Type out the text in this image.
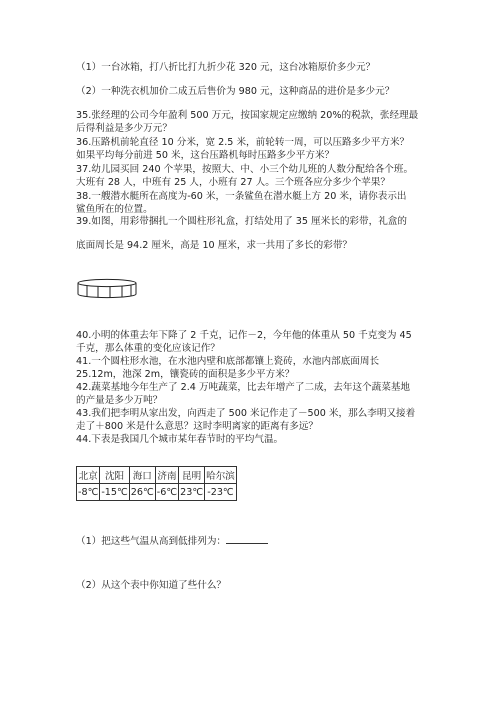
（1）一台冰箱，打八折比打九折少花 320 元，这台冰箱原价多少元？
（2）一种洗衣机加价二成五后售价为 980 元，这种商品的进价是多少元？
35.张经理的公司今年盈利 500 万元，按国家规定应缴纳 20%的税款，张经理最
后得利益是多少万元？
36.压路机前轮直径 10 分米，宽 2.5 米，前轮转一周，可以压路多少平方米？
如果平均每分前进 50 米，这台压路机每时压路多少平方米？
37.幼儿园买回 240 个苹果，按照大、中、小三个幼儿班的人数分配给各个班。
大班有 28 人，中班有 25 人，小班有 27 人。三个班各应分多少个苹果？
38.一艘潜水艇所在高度为-60 米，一条鲨鱼在潜水艇上方 20 米，请你表示出
鲨鱼所在的位置。
39.如图，用彩带捆扎一个圆柱形礼盒，打结处用了 35 厘米长的彩带，礼盒的
底面周长是 94.2 厘米，高是 10 厘米，求一共用了多长的彩带？
40.小明的体重去年下降了 2 千克，记作－2，今年他的体重从 50 千克变为 45
千克，那么体重的变化应该记作？
41.一个圆柱形水池，在水池内壁和底部都镶上瓷砖，水池内部底面周长
25.12m，池深 2m，镶瓷砖的面积是多少平方米？
42.蔬菜基地今年生产了 2.4 万吨蔬菜，比去年增产了二成，去年这个蔬菜基地
的产量是多少万吨？
43.我们把李明从家出发，向西走了 500 米记作走了－500 米，那么李明又接着
走了＋800 米是什么意思？这时李明离家的距离有多远？
44.下表是我国几个城市某年春节时的平均气温。
北京	沈阳	海口	济南	昆明	哈尔滨
-8℃	-15℃	26℃	-6℃	23℃	-23℃
（1）把这些气温从高到低排列为：
（2）从这个表中你知道了些什么？
